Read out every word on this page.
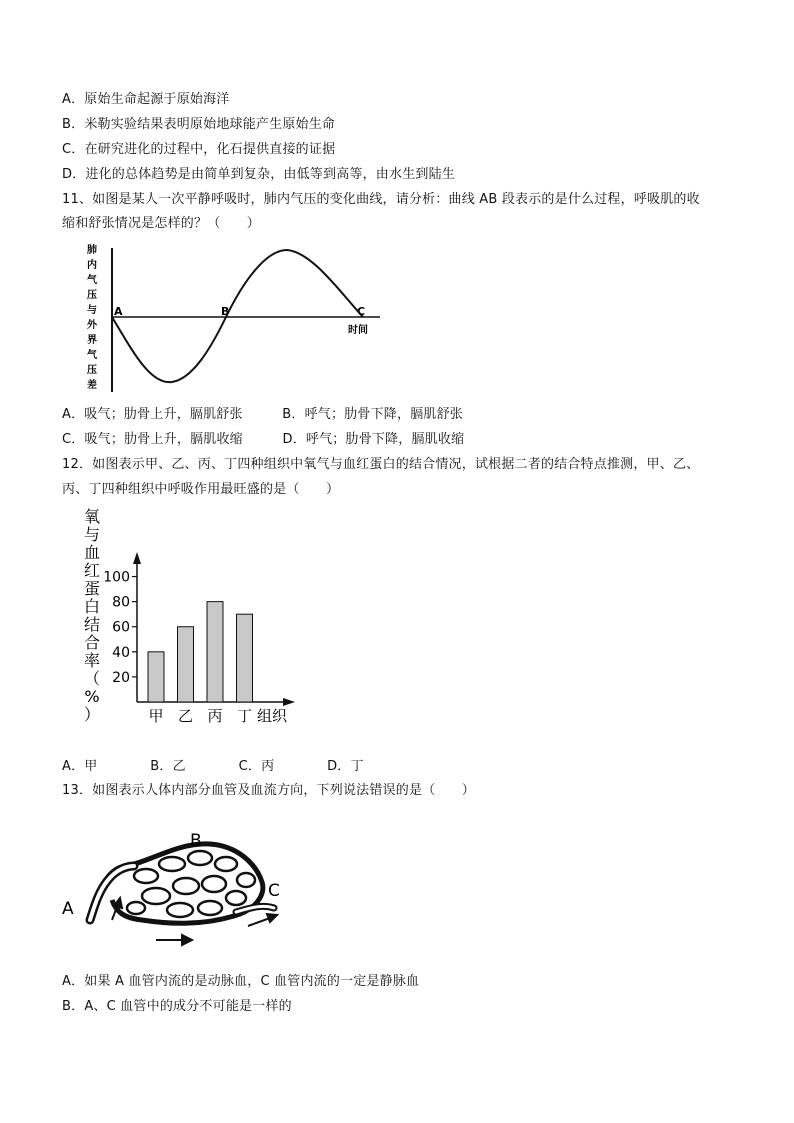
A．原始生命起源于原始海洋
B．米勒实验结果表明原始地球能产生原始生命
C．在研究进化的过程中，化石提供直接的证据
D．进化的总体趋势是由简单到复杂，由低等到高等，由水生到陆生
11、如图是某人一次平静呼吸时，肺内气压的变化曲线，请分析：曲线 AB 段表示的是什么过程，呼吸肌的收
缩和舒张情况是怎样的？（　　）
肺
内
气
压
与
外
界
气
压
差
A	B	C
时间
A．吸气；肋骨上升，膈肌舒张　　　B．呼气；肋骨下降，膈肌舒张
C．吸气；肋骨上升，膈肌收缩　　　D．呼气；肋骨下降，膈肌收缩
12．如图表示甲、乙、丙、丁四种组织中氧气与血红蛋白的结合情况，试根据二者的结合特点推测，甲、乙、
丙、丁四种组织中呼吸作用最旺盛的是（　　）
氧
与
血
红
蛋
白
结
合
率
（
%
）
20
40
60
80
100
甲 乙 丙 丁 组织
A．甲　　　　B．乙　　　　C．丙　　　　D．丁
13．如图表示人体内部分血管及血流方向，下列说法错误的是（　　）
A
B
C
A．如果 A 血管内流的是动脉血，C 血管内流的一定是静脉血
B．A、C 血管中的成分不可能是一样的
